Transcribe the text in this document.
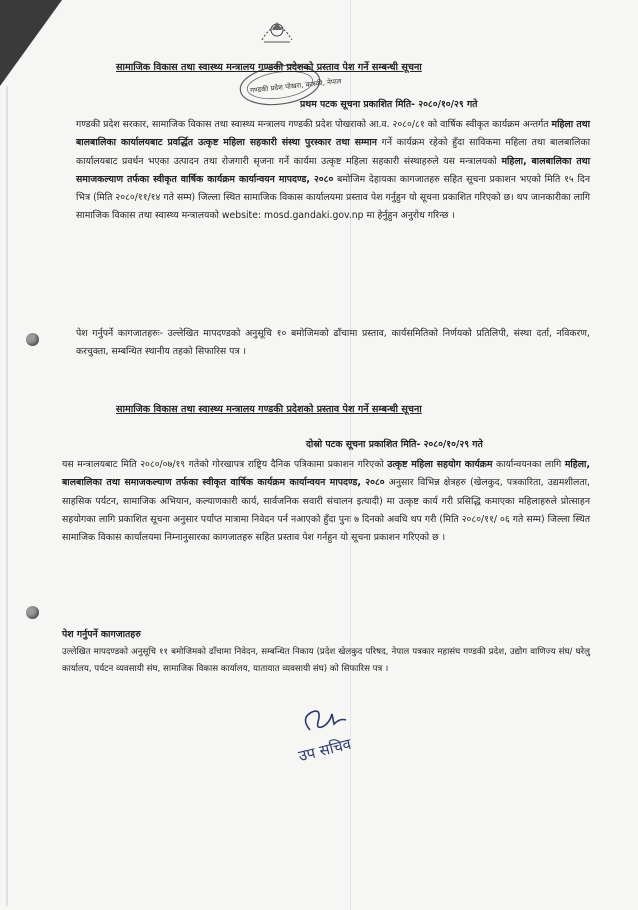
गण्डकी प्रदेश पोखरा, कास्की, नेपाल
सामाजिक विकास तथा स्वास्थ्य मन्त्रालय गण्डकी प्रदेशको प्रस्ताव पेश गर्ने सम्बन्धी सूचना
प्रथम पटक सूचना प्रकाशित मिति- २०८०/१०/२९ गते
गण्डकी प्रदेश सरकार, सामाजिक विकास तथा स्वास्थ्य मन्त्रालय गण्डकी प्रदेश पोखराको आ.व. २०८०/८१ को वार्षिक स्वीकृत कार्यक्रम अन्तर्गत महिला तथा बालबालिका कार्यालयबाट प्रवर्द्धित उत्कृष्ट महिला सहकारी संस्था पुरस्कार तथा सम्मान गर्ने कार्यक्रम रहेको हुँदा साविकमा महिला तथा बालबालिका कार्यालयबाट प्रवर्धन भएका उत्पादन तथा रोजगारी सृजना गर्ने कार्यमा उत्कृष्ट महिला सहकारी संस्थाहरुले यस मन्त्रालयको महिला, बालबालिका तथा समाजकल्याण तर्फका स्वीकृत वार्षिक कार्यक्रम कार्यान्वयन मापदण्ड, २०८० बमोजिम देहायका कागजातहरु सहित सूचना प्रकाशन भएको मिति १५ दिन भित्र (मिति २०८०/११/१४ गते सम्म) जिल्ला स्थित सामाजिक विकास कार्यालयमा प्रस्ताव पेश गर्नुहुन यो सूचना प्रकाशित गरिएको छ। थप जानकारीका लागि सामाजिक विकास तथा स्वास्थ्य मन्त्रालयको website: mosd.gandaki.gov.np मा हेर्नुहुन अनुरोध गरिन्छ ।
पेश गर्नुपर्ने कागजातहरुः- उल्लेखित मापदण्डको अनुसूचि १० बमोजिमको ढाँचामा प्रस्ताव, कार्यसमितिको निर्णयको प्रतिलिपी, संस्था दर्ता, नविकरण, करचुक्ता, सम्बन्धित स्थानीय तहको सिफारिस पत्र ।
सामाजिक विकास तथा स्वास्थ्य मन्त्रालय गण्डकी प्रदेशको प्रस्ताव पेश गर्ने सम्बन्धी सूचना
दोस्रो पटक सूचना प्रकाशित मिति- २०८०/१०/२९ गते
यस मन्त्रालयबाट मिति २०८०/०७/१९ गतेको गोरखापत्र राष्ट्रिय दैनिक पत्रिकामा प्रकाशन गरिएको उत्कृष्ट महिला सहयोग कार्यक्रम कार्यान्वयनका लागि महिला, बालबालिका तथा समाजकल्याण तर्फका स्वीकृत वार्षिक कार्यक्रम कार्यान्वयन मापदण्ड, २०८० अनुसार विभिन्न क्षेत्रहरु (खेलकुद, पत्रकारिता, उद्यमशीलता, साहसिक पर्यटन, सामाजिक अभियान, कल्याणकारी कार्य, सार्वजनिक सवारी संचालन इत्यादी) मा उत्कृष्ट कार्य गरी प्रसिद्धि कमाएका महिलाहरुले प्रोत्साहन सहयोगका लागि प्रकाशित सूचना अनुसार पर्याप्त मात्रामा निवेदन पर्न नआएको हुँदा पुनः ७ दिनको अवधि थप गरी (मिति २०८०/११/ ०६ गते सम्म) जिल्ला स्थित सामाजिक विकास कार्यालयमा निम्नानुसारका कागजातहरु सहित प्रस्ताव पेश गर्नहुन यो सूचना प्रकाशन गरिएको छ ।
पेश गर्नुपर्ने कागजातहरु
उल्लेखित मापदण्डको अनुसूचि ११ बमोजिमको ढाँचामा निवेदन, सम्बन्धित निकाय (प्रदेश खेलकुद परिषद, नेपाल पत्रकार महासंघ गण्डकी प्रदेश, उद्योग वाणिज्य संघ/ घरेलु कार्यालय, पर्यटन व्यवसायी संघ, सामाजिक विकास कार्यालय, यातायात व्यवसायी संघ) को सिफारिस पत्र ।
उप सचिव
